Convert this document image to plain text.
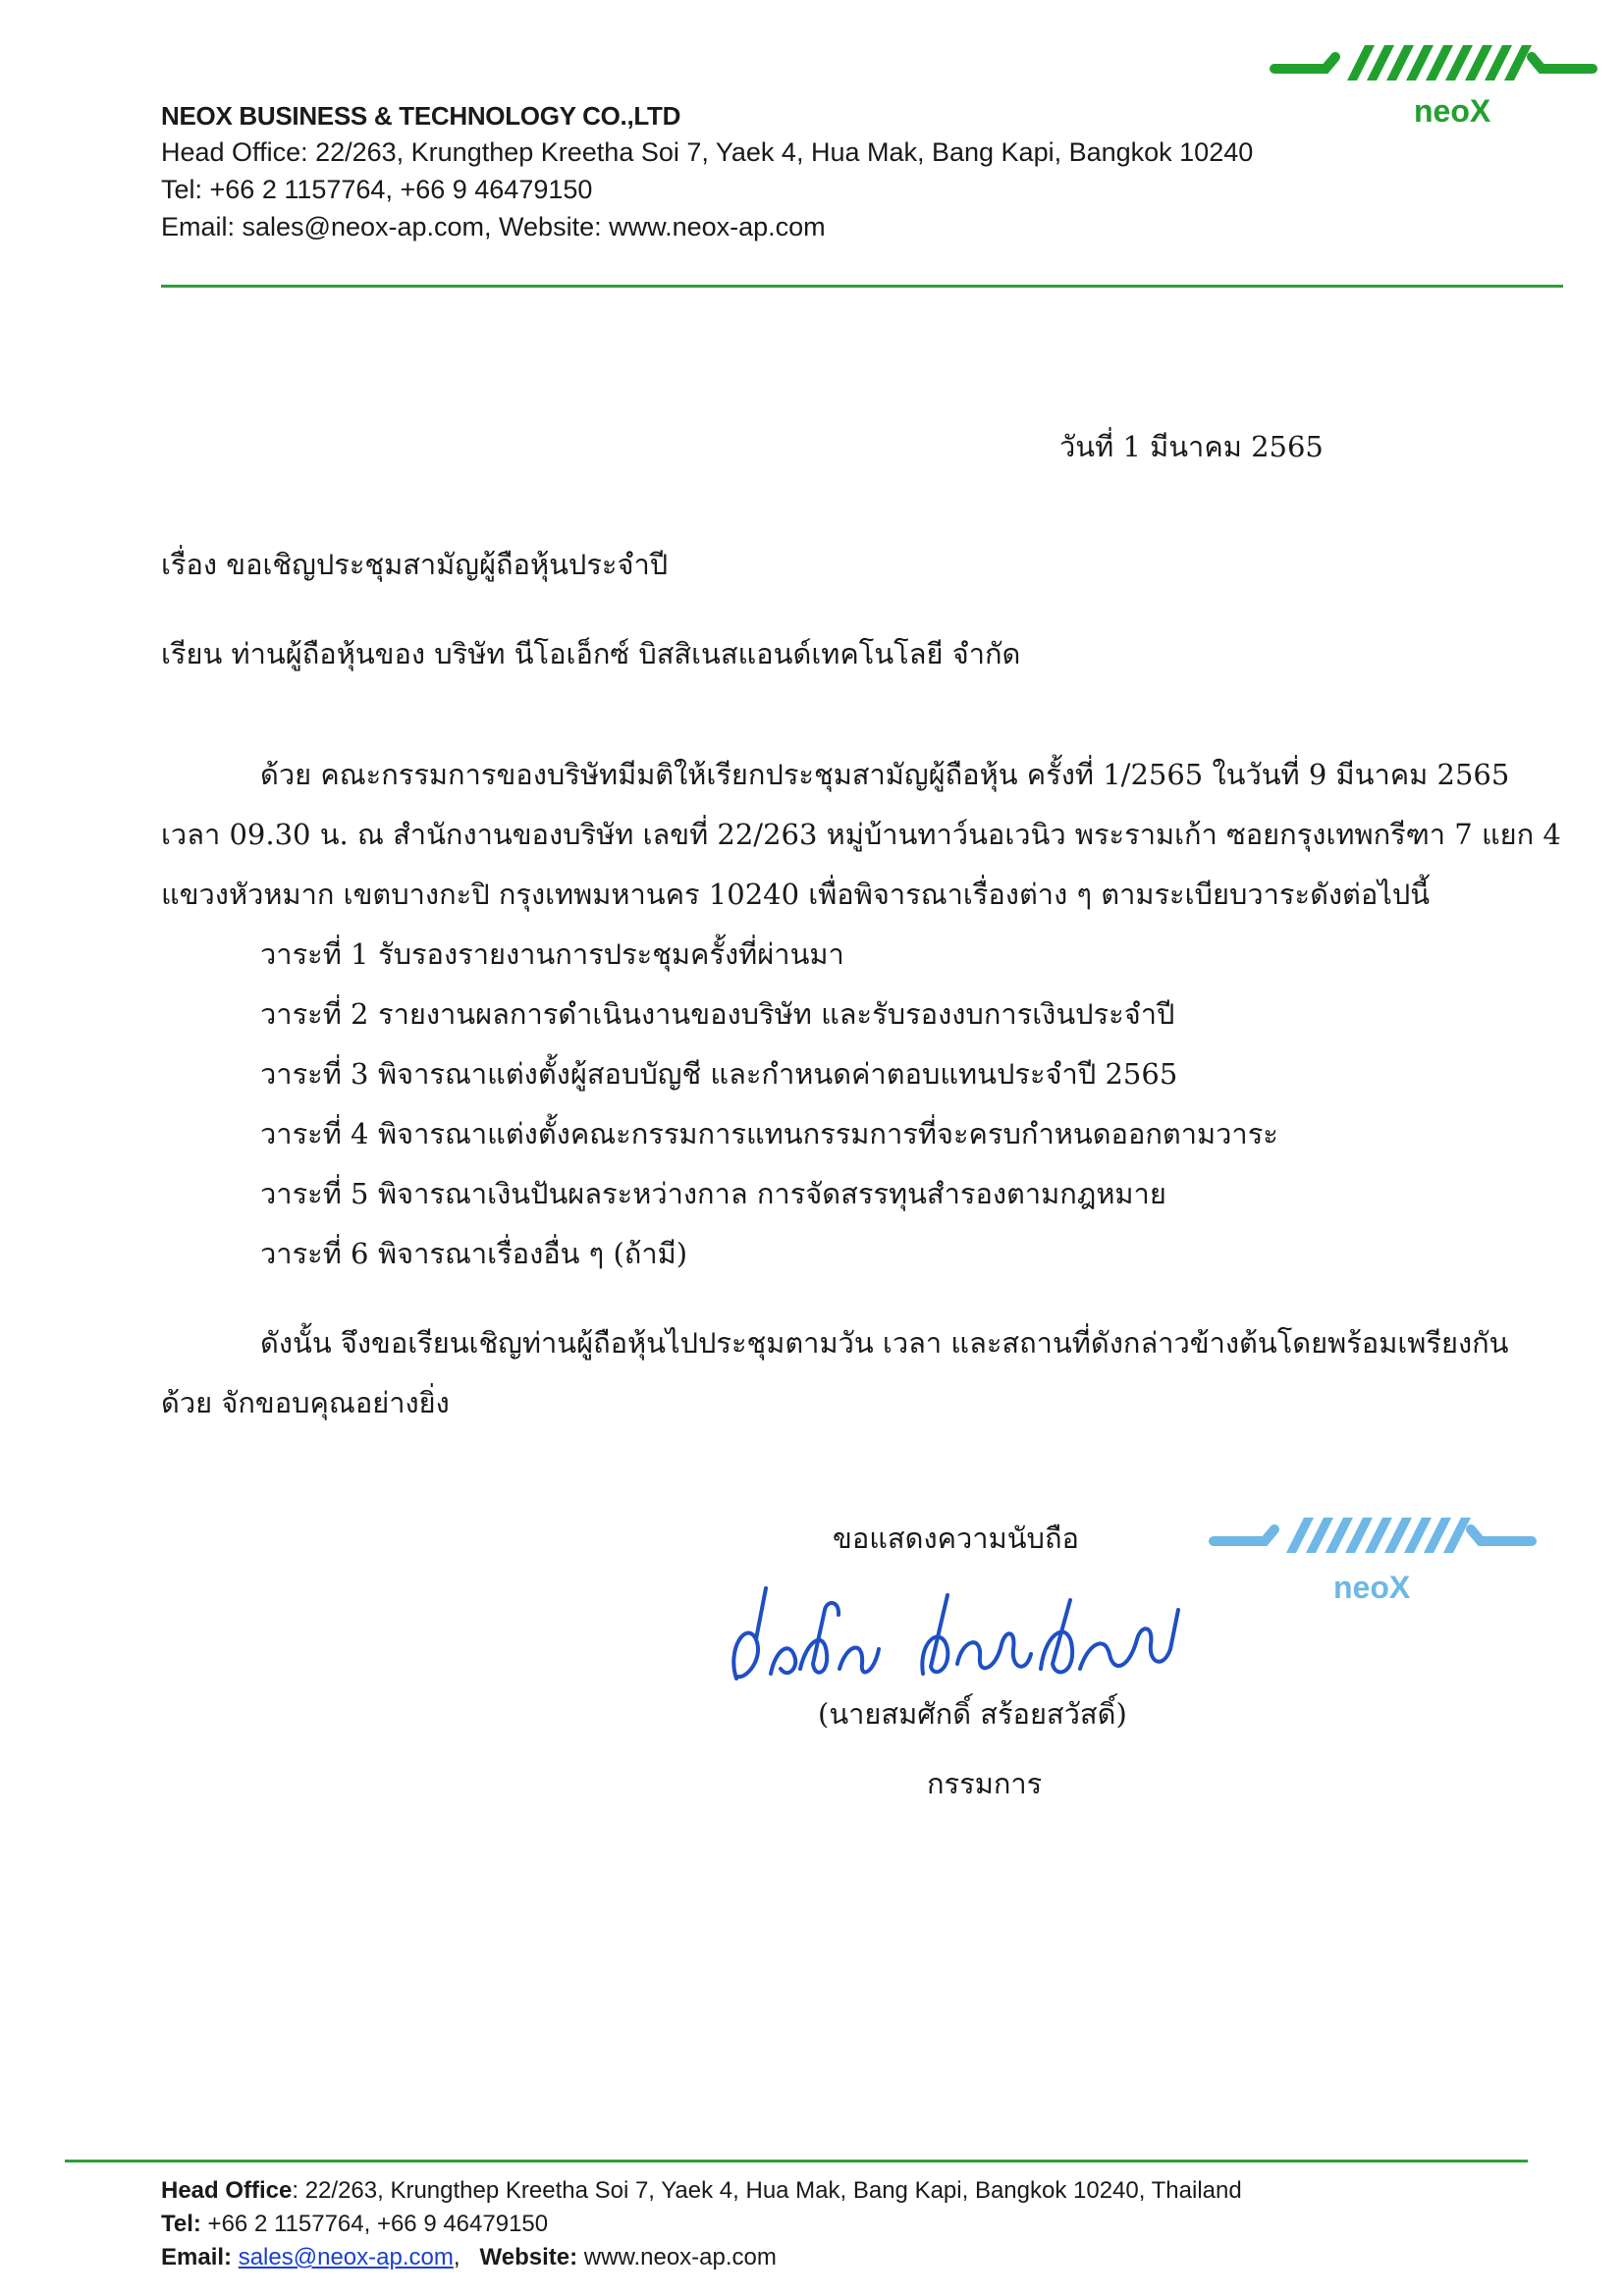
NEOX BUSINESS & TECHNOLOGY CO.,LTD
Head Office: 22/263, Krungthep Kreetha Soi 7, Yaek 4, Hua Mak, Bang Kapi, Bangkok 10240
Tel: +66 2 1157764, +66 9 46479150
Email: sales@neox-ap.com, Website: www.neox-ap.com
neoX
วันที่ 1 มีนาคม 2565
เรื่อง ขอเชิญประชุมสามัญผู้ถือหุ้นประจำปี
เรียน ท่านผู้ถือหุ้นของ บริษัท นีโอเอ็กซ์ บิสสิเนสแอนด์เทคโนโลยี จำกัด
ด้วย คณะกรรมการของบริษัทมีมติให้เรียกประชุมสามัญผู้ถือหุ้น ครั้งที่ 1/2565 ในวันที่ 9 มีนาคม 2565
เวลา 09.30 น. ณ สำนักงานของบริษัท เลขที่ 22/263 หมู่บ้านทาว์นอเวนิว พระรามเก้า ซอยกรุงเทพกรีฑา 7 แยก 4
แขวงหัวหมาก เขตบางกะปิ กรุงเทพมหานคร 10240 เพื่อพิจารณาเรื่องต่าง ๆ ตามระเบียบวาระดังต่อไปนี้
วาระที่ 1 รับรองรายงานการประชุมครั้งที่ผ่านมา
วาระที่ 2 รายงานผลการดำเนินงานของบริษัท และรับรองงบการเงินประจำปี
วาระที่ 3 พิจารณาแต่งตั้งผู้สอบบัญชี และกำหนดค่าตอบแทนประจำปี 2565
วาระที่ 4 พิจารณาแต่งตั้งคณะกรรมการแทนกรรมการที่จะครบกำหนดออกตามวาระ
วาระที่ 5 พิจารณาเงินปันผลระหว่างกาล การจัดสรรทุนสำรองตามกฎหมาย
วาระที่ 6 พิจารณาเรื่องอื่น ๆ (ถ้ามี)
ดังนั้น จึงขอเรียนเชิญท่านผู้ถือหุ้นไปประชุมตามวัน เวลา และสถานที่ดังกล่าวข้างต้นโดยพร้อมเพรียงกัน
ด้วย จักขอบคุณอย่างยิ่ง
ขอแสดงความนับถือ
neoX
(นายสมศักดิ์ สร้อยสวัสดิ์)
กรรมการ
Head Office: 22/263, Krungthep Kreetha Soi 7, Yaek 4, Hua Mak, Bang Kapi, Bangkok 10240, Thailand
Tel: +66 2 1157764, +66 9 46479150
Email: sales@neox-ap.com, Website: www.neox-ap.com
